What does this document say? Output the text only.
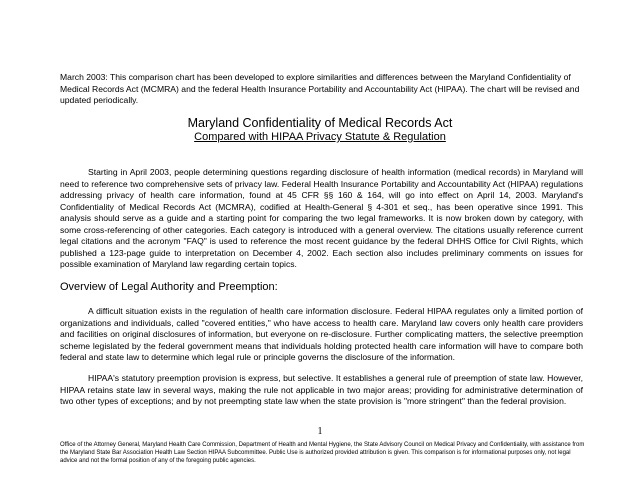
March 2003: This comparison chart has been developed to explore similarities and differences between the Maryland Confidentiality of Medical Records Act (MCMRA) and the federal Health Insurance Portability and Accountability Act (HIPAA). The chart will be revised and updated periodically.

Maryland Confidentiality of Medical Records Act
Compared with HIPAA Privacy Statute & Regulation

Starting in April 2003, people determining questions regarding disclosure of health information (medical records) in Maryland will need to reference two comprehensive sets of privacy law. Federal Health Insurance Portability and Accountability Act (HIPAA) regulations addressing privacy of health care information, found at 45 CFR §§ 160 & 164, will go into effect on April 14, 2003. Maryland's Confidentiality of Medical Records Act (MCMRA), codified at Health-General § 4-301 et seq., has been operative since 1991. This analysis should serve as a guide and a starting point for comparing the two legal frameworks. It is now broken down by category, with some cross-referencing of other categories. Each category is introduced with a general overview. The citations usually reference current legal citations and the acronym "FAQ" is used to reference the most recent guidance by the federal DHHS Office for Civil Rights, which published a 123-page guide to interpretation on December 4, 2002. Each section also includes preliminary comments on issues for possible examination of Maryland law regarding certain topics.

Overview of Legal Authority and Preemption:

A difficult situation exists in the regulation of health care information disclosure. Federal HIPAA regulates only a limited portion of organizations and individuals, called "covered entities," who have access to health care. Maryland law covers only health care providers and facilities on original disclosures of information, but everyone on re-disclosure. Further complicating matters, the selective preemption scheme legislated by the federal government means that individuals holding protected health care information will have to compare both federal and state law to determine which legal rule or principle governs the disclosure of the information.

HIPAA's statutory preemption provision is express, but selective. It establishes a general rule of preemption of state law. However, HIPAA retains state law in several ways, making the rule not applicable in two major areas; providing for administrative determination of two other types of exceptions; and by not preempting state law when the state provision is "more stringent" than the federal provision.

1

Office of the Attorney General, Maryland Health Care Commission, Department of Health and Mental Hygiene, the State Advisory Council on Medical Privacy and Confidentiality, with assistance from the Maryland State Bar Association Health Law Section HIPAA Subcommittee. Public Use is authorized provided attribution is given. This comparison is for informational purposes only, not legal advice and not the formal position of any of the foregoing public agencies.
